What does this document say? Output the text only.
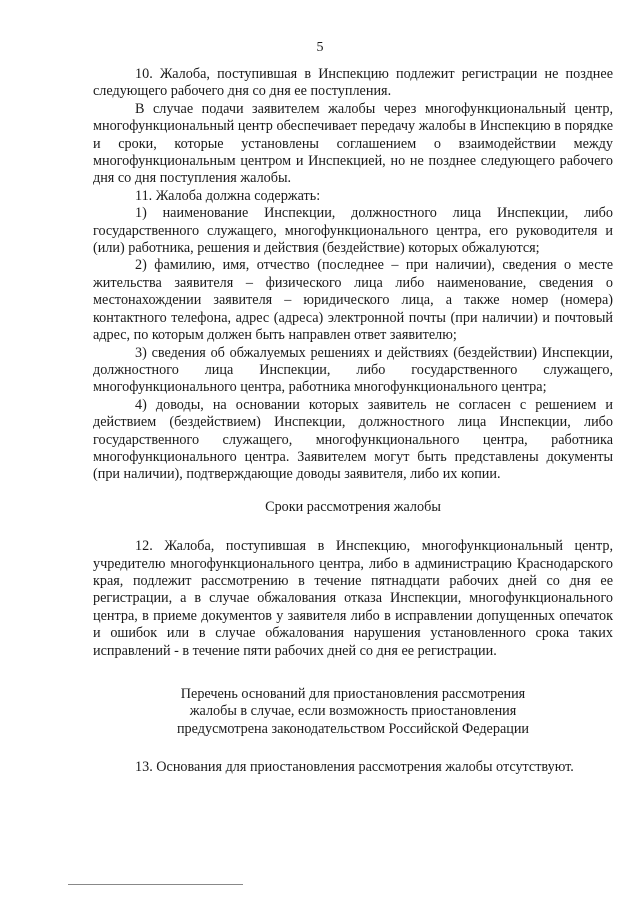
5

10. Жалоба, поступившая в Инспекцию подлежит регистрации не позднее следующего рабочего дня со дня ее поступления.

В случае подачи заявителем жалобы через многофункциональный центр, многофункциональный центр обеспечивает передачу жалобы в Инспекцию в порядке и сроки, которые установлены соглашением о взаимодействии между многофункциональным центром и Инспекцией, но не позднее следующего рабочего дня со дня поступления жалобы.

11. Жалоба должна содержать:

1) наименование Инспекции, должностного лица Инспекции, либо государственного служащего, многофункционального центра, его руководителя и (или) работника, решения и действия (бездействие) которых обжалуются;

2) фамилию, имя, отчество (последнее – при наличии), сведения о месте жительства заявителя – физического лица либо наименование, сведения о местонахождении заявителя – юридического лица, а также номер (номера) контактного телефона, адрес (адреса) электронной почты (при наличии) и почтовый адрес, по которым должен быть направлен ответ заявителю;

3) сведения об обжалуемых решениях и действиях (бездействии) Инспекции, должностного лица Инспекции, либо государственного служащего, многофункционального центра, работника многофункционального центра;

4) доводы, на основании которых заявитель не согласен с решением и действием (бездействием) Инспекции, должностного лица Инспекции, либо государственного служащего, многофункционального центра, работника многофункционального центра. Заявителем могут быть представлены документы (при наличии), подтверждающие доводы заявителя, либо их копии.

Сроки рассмотрения жалобы

12. Жалоба, поступившая в Инспекцию, многофункциональный центр, учредителю многофункционального центра, либо в администрацию Краснодарского края, подлежит рассмотрению в течение пятнадцати рабочих дней со дня ее регистрации, а в случае обжалования отказа Инспекции, многофункционального центра, в приеме документов у заявителя либо в исправлении допущенных опечаток и ошибок или в случае обжалования нарушения установленного срока таких исправлений - в течение пяти рабочих дней со дня ее регистрации.

Перечень оснований для приостановления рассмотрения
жалобы в случае, если возможность приостановления
предусмотрена законодательством Российской Федерации

13. Основания для приостановления рассмотрения жалобы отсутствуют.
